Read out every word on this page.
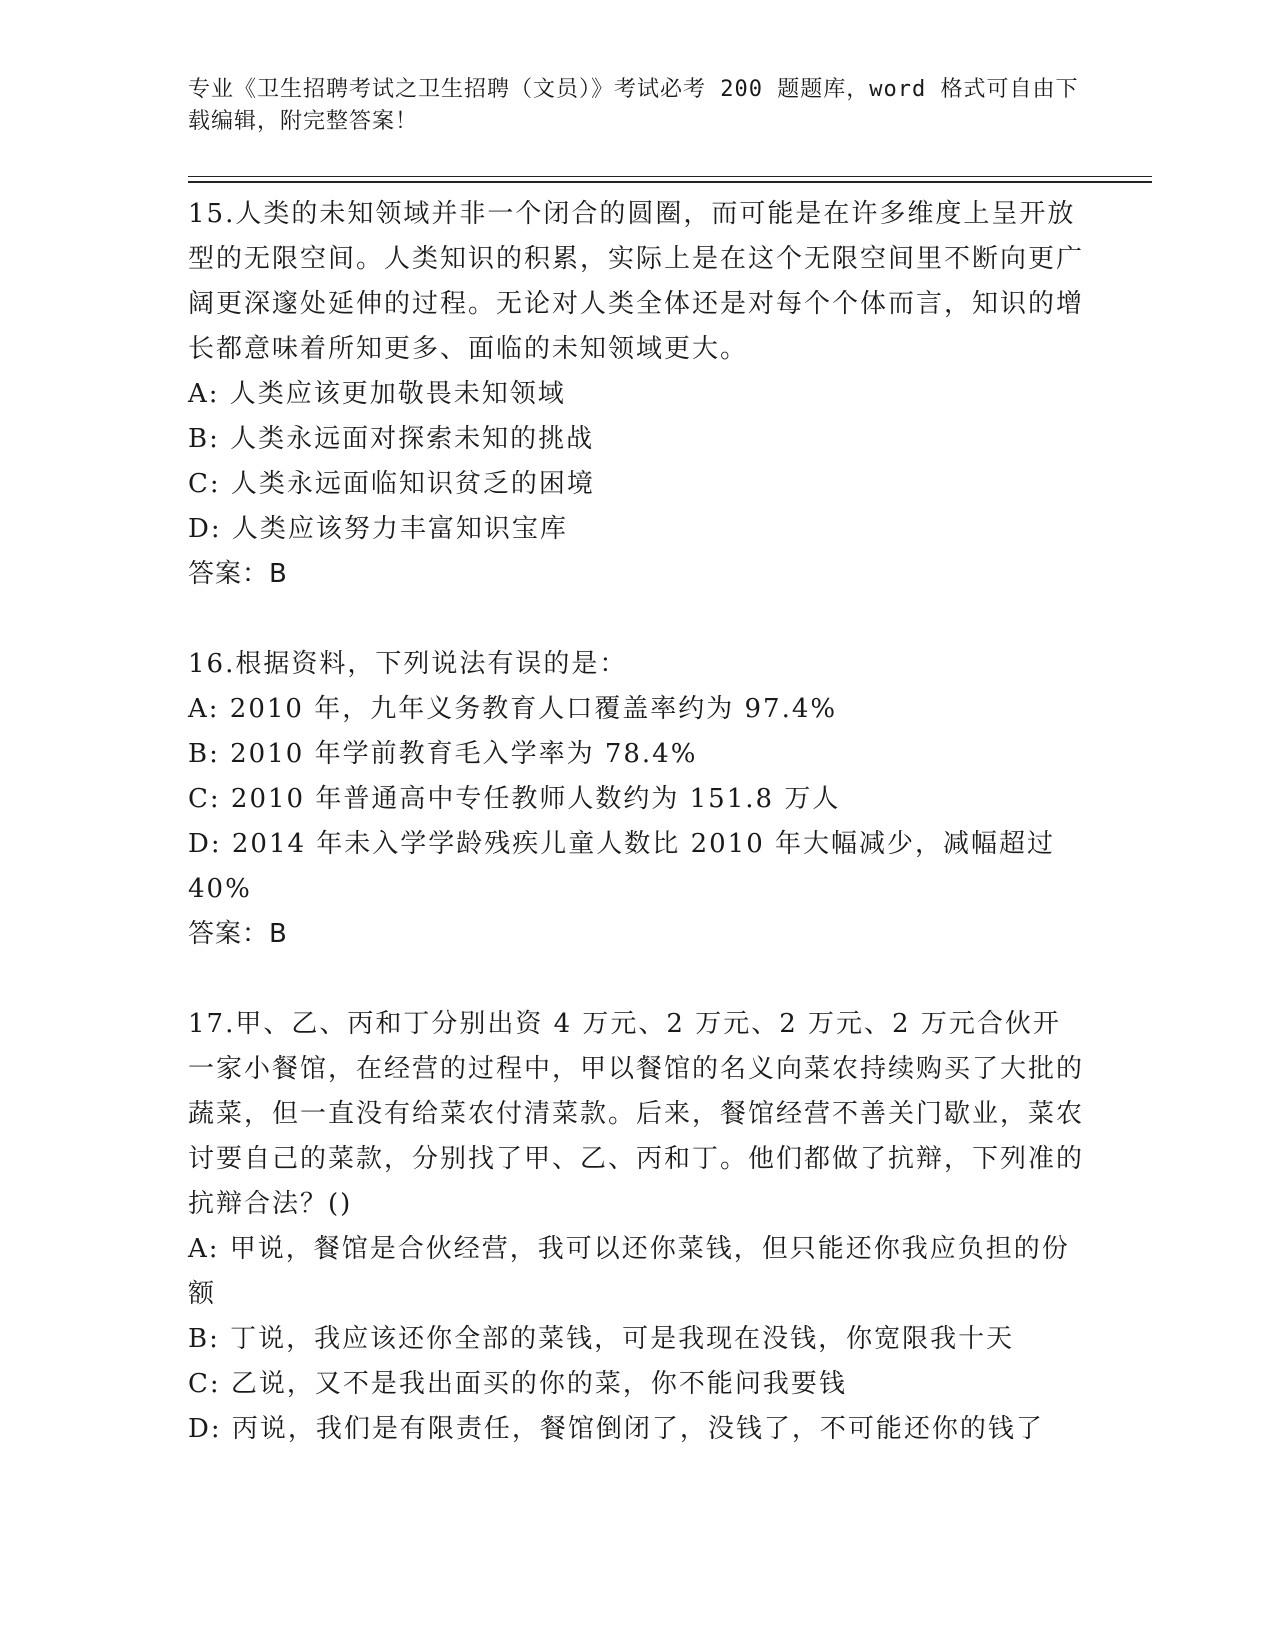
专业《卫生招聘考试之卫生招聘（文员）》考试必考 200 题题库，word 格式可自由下载编辑，附完整答案！

15.人类的未知领域并非一个闭合的圆圈，而可能是在许多维度上呈开放型的无限空间。人类知识的积累，实际上是在这个无限空间里不断向更广阔更深邃处延伸的过程。无论对人类全体还是对每个个体而言，知识的增长都意味着所知更多、面临的未知领域更大。

A: 人类应该更加敬畏未知领域

B: 人类永远面对探索未知的挑战

C: 人类永远面临知识贫乏的困境

D: 人类应该努力丰富知识宝库

答案：B

16.根据资料，下列说法有误的是：

A: 2010 年，九年义务教育人口覆盖率约为 97.4%

B: 2010 年学前教育毛入学率为 78.4%

C: 2010 年普通高中专任教师人数约为 151.8 万人

D: 2014 年未入学学龄残疾儿童人数比 2010 年大幅减少，减幅超过 40%

答案：B

17.甲、乙、丙和丁分别出资 4 万元、2 万元、2 万元、2 万元合伙开一家小餐馆，在经营的过程中，甲以餐馆的名义向菜农持续购买了大批的蔬菜，但一直没有给菜农付清菜款。后来，餐馆经营不善关门歇业，菜农讨要自己的菜款，分别找了甲、乙、丙和丁。他们都做了抗辩，下列准的抗辩合法？()

A: 甲说，餐馆是合伙经营，我可以还你菜钱，但只能还你我应负担的份额

B: 丁说，我应该还你全部的菜钱，可是我现在没钱，你宽限我十天

C: 乙说，又不是我出面买的你的菜，你不能问我要钱

D: 丙说，我们是有限责任，餐馆倒闭了，没钱了，不可能还你的钱了
